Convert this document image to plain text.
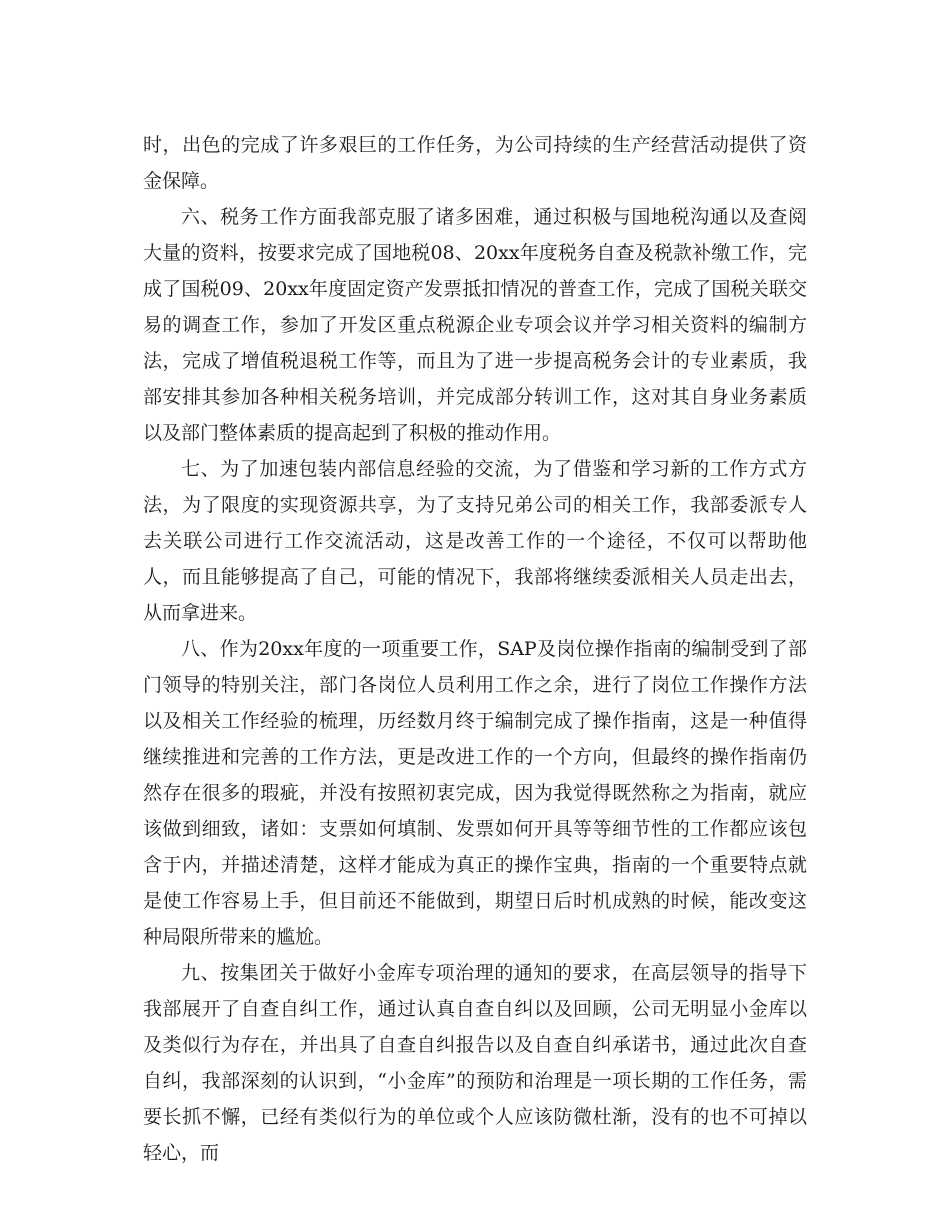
时，出色的完成了许多艰巨的工作任务，为公司持续的生产经营活动提供了资金保障。

六、税务工作方面我部克服了诸多困难，通过积极与国地税沟通以及查阅大量的资料，按要求完成了国地税08、20xx年度税务自查及税款补缴工作，完成了国税09、20xx年度固定资产发票抵扣情况的普查工作，完成了国税关联交易的调查工作，参加了开发区重点税源企业专项会议并学习相关资料的编制方法，完成了增值税退税工作等，而且为了进一步提高税务会计的专业素质，我部安排其参加各种相关税务培训，并完成部分转训工作，这对其自身业务素质以及部门整体素质的提高起到了积极的推动作用。

七、为了加速包装内部信息经验的交流，为了借鉴和学习新的工作方式方法，为了限度的实现资源共享，为了支持兄弟公司的相关工作，我部委派专人去关联公司进行工作交流活动，这是改善工作的一个途径，不仅可以帮助他人，而且能够提高了自己，可能的情况下，我部将继续委派相关人员走出去，从而拿进来。

八、作为20xx年度的一项重要工作，SAP及岗位操作指南的编制受到了部门领导的特别关注，部门各岗位人员利用工作之余，进行了岗位工作操作方法以及相关工作经验的梳理，历经数月终于编制完成了操作指南，这是一种值得继续推进和完善的工作方法，更是改进工作的一个方向，但最终的操作指南仍然存在很多的瑕疵，并没有按照初衷完成，因为我觉得既然称之为指南，就应该做到细致，诸如：支票如何填制、发票如何开具等等细节性的工作都应该包含于内，并描述清楚，这样才能成为真正的操作宝典，指南的一个重要特点就是使工作容易上手，但目前还不能做到，期望日后时机成熟的时候，能改变这种局限所带来的尴尬。

九、按集团关于做好小金库专项治理的通知的要求，在高层领导的指导下我部展开了自查自纠工作，通过认真自查自纠以及回顾，公司无明显小金库以及类似行为存在，并出具了自查自纠报告以及自查自纠承诺书，通过此次自查自纠，我部深刻的认识到，“小金库”的预防和治理是一项长期的工作任务，需要长抓不懈，已经有类似行为的单位或个人应该防微杜渐，没有的也不可掉以轻心，而
